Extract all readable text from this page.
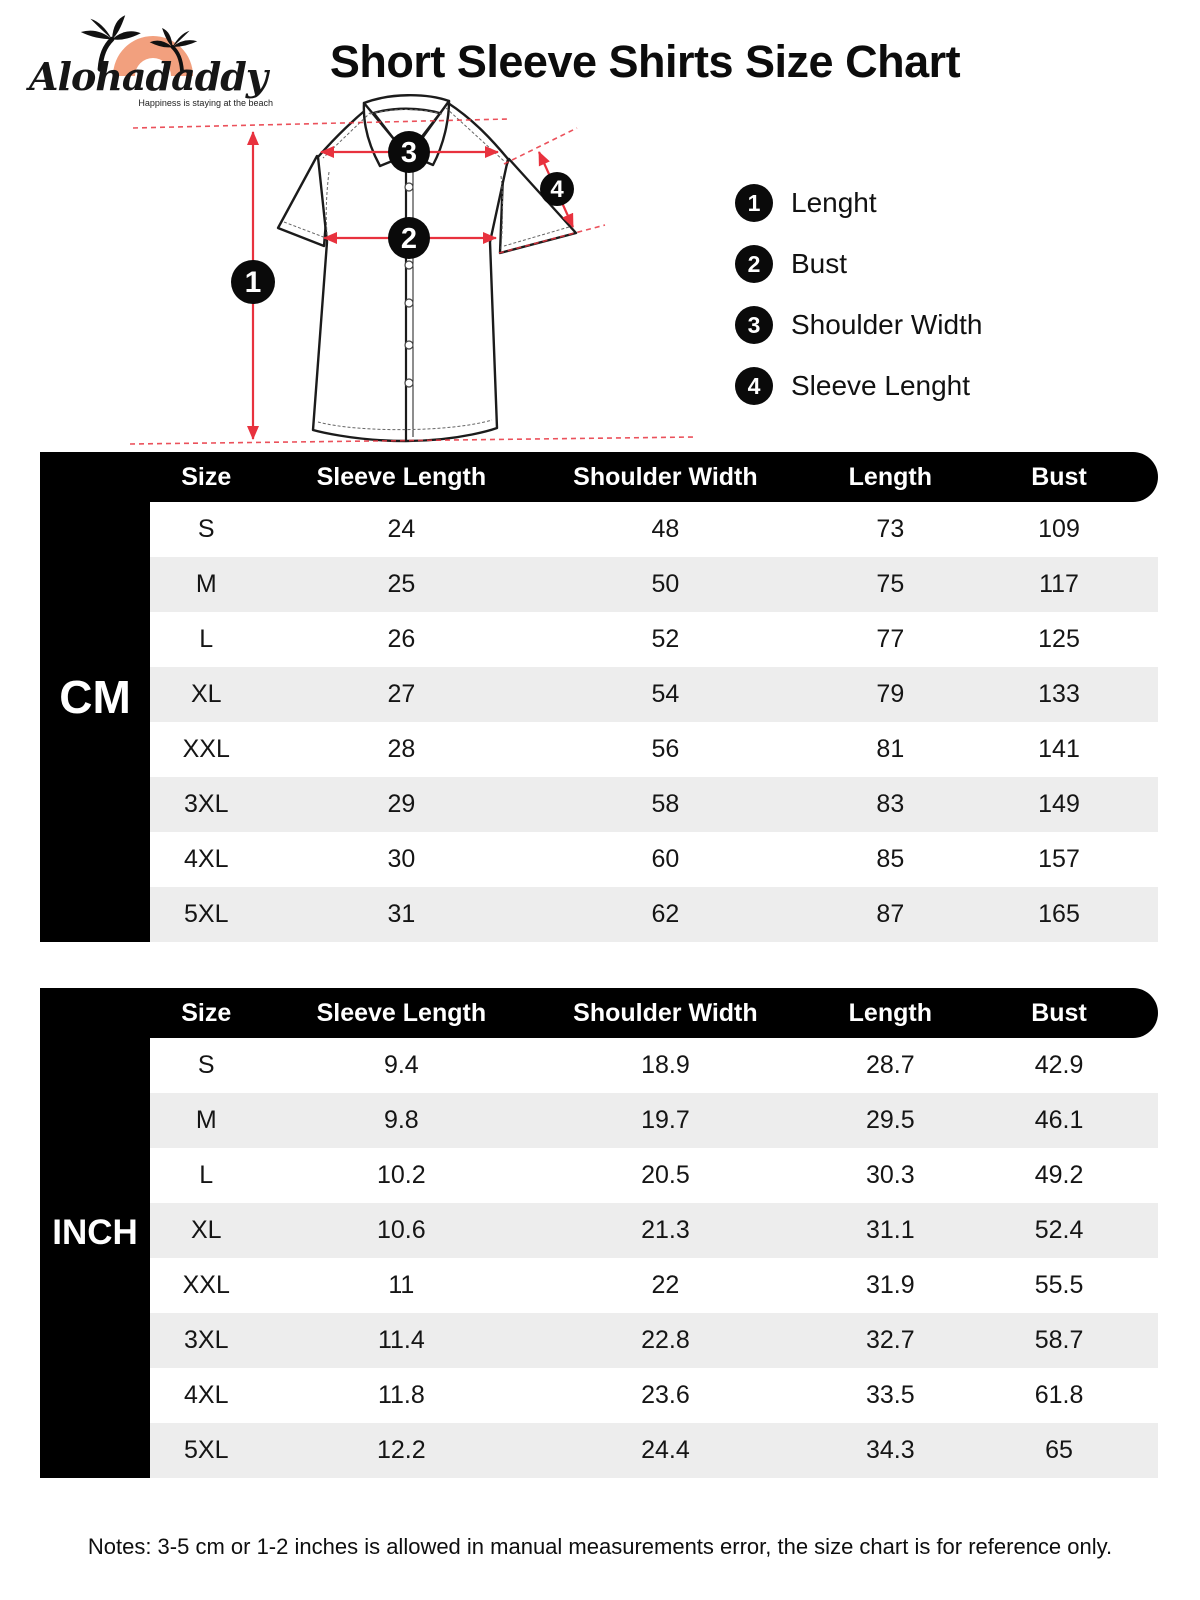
Alohadaddy
Happiness is staying at the beach
Short Sleeve Shirts Size Chart
1
2
3
4	1	Lenght
2	Bust
3	Shoulder Width
4	Sleeve Lenght
CM
Size	Sleeve Length	Shoulder Width	Length	Bust
S	24	48	73	109
M	25	50	75	117
L	26	52	77	125
XL	27	54	79	133
XXL	28	56	81	141
3XL	29	58	83	149
4XL	30	60	85	157
5XL	31	62	87	165
INCH
Size	Sleeve Length	Shoulder Width	Length	Bust
S	9.4	18.9	28.7	42.9
M	9.8	19.7	29.5	46.1
L	10.2	20.5	30.3	49.2
XL	10.6	21.3	31.1	52.4
XXL	11	22	31.9	55.5
3XL	11.4	22.8	32.7	58.7
4XL	11.8	23.6	33.5	61.8
5XL	12.2	24.4	34.3	65
Notes: 3-5 cm or 1-2 inches is allowed in manual measurements error, the size chart is for reference only.
